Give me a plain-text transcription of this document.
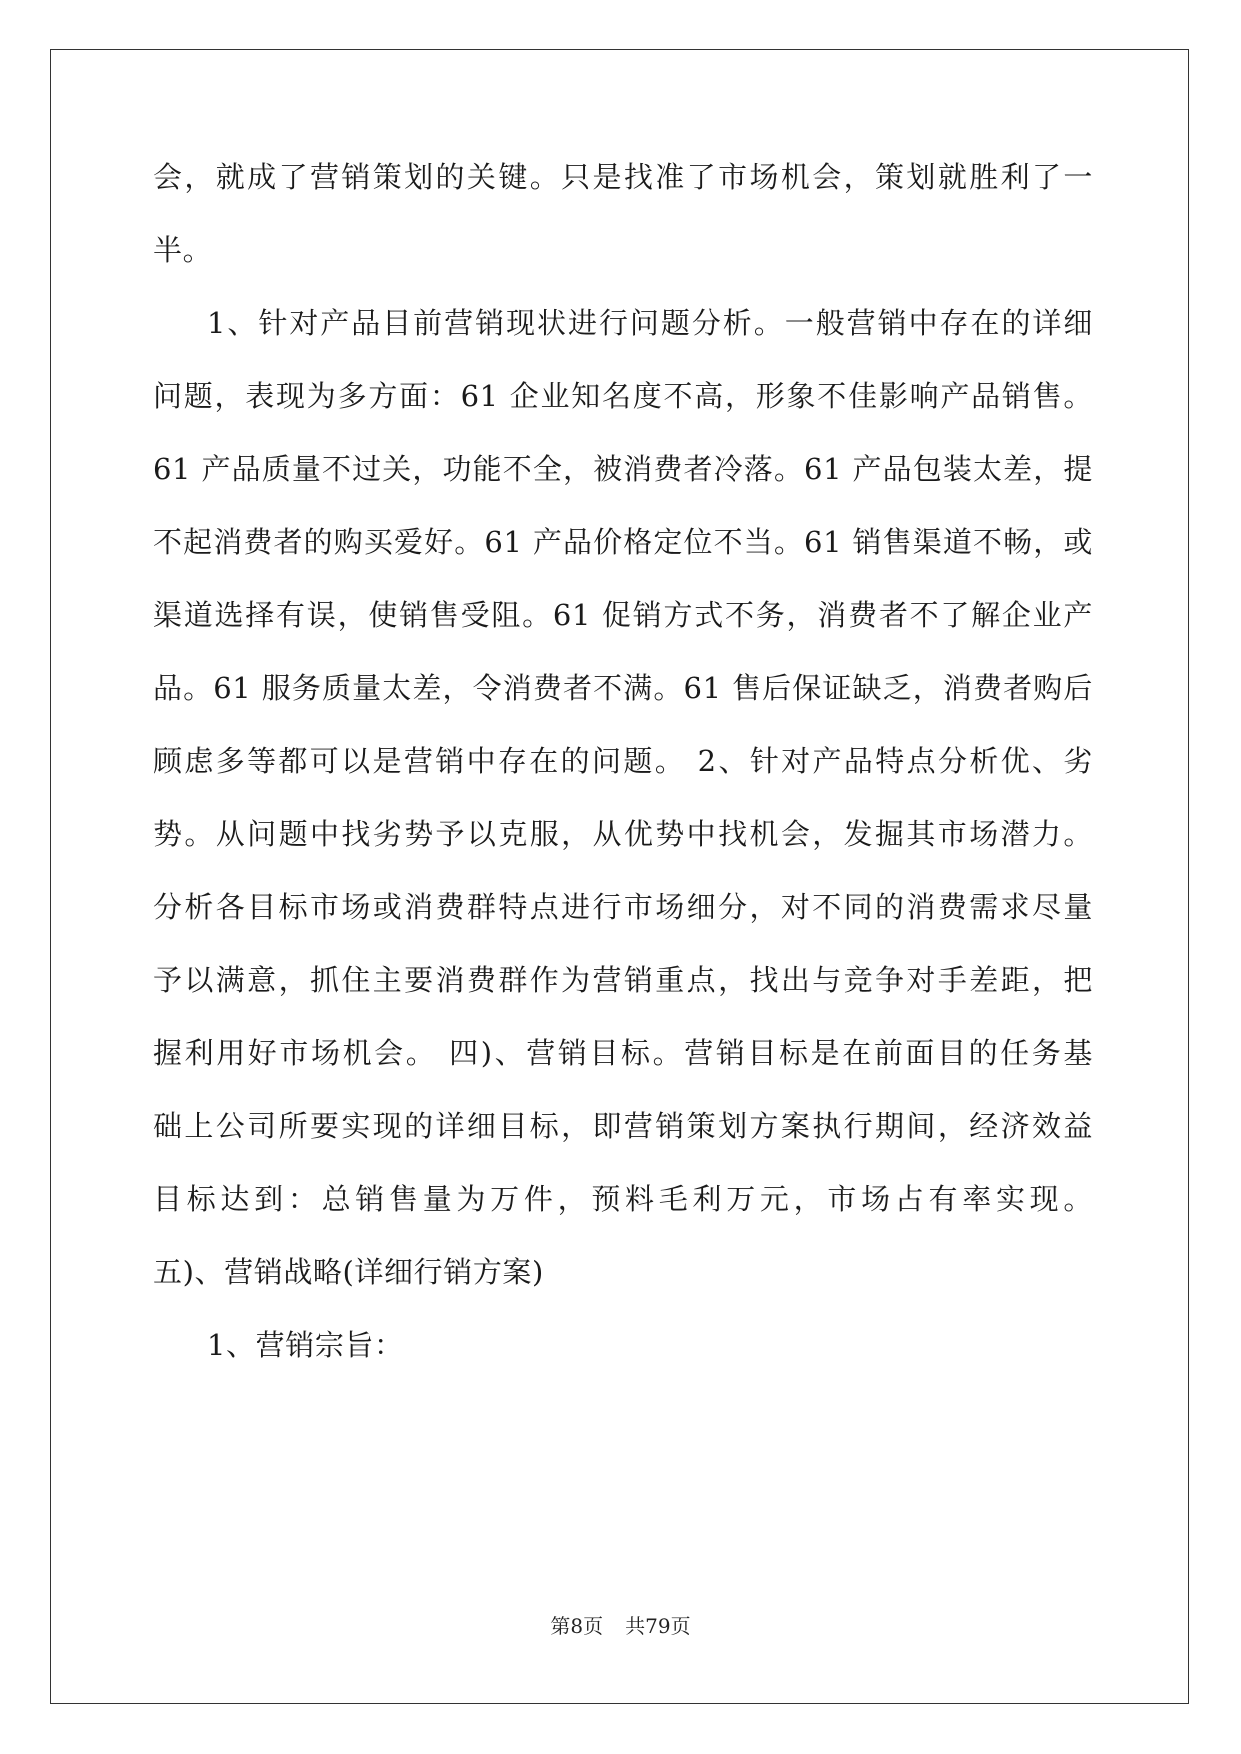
会，就成了营销策划的关键。只是找准了市场机会，策划就胜利了一
半。
1、针对产品目前营销现状进行问题分析。一般营销中存在的详细
问题，表现为多方面：61 企业知名度不高，形象不佳影响产品销售。
61 产品质量不过关，功能不全，被消费者冷落。61 产品包装太差，提
不起消费者的购买爱好。61 产品价格定位不当。61 销售渠道不畅，或
渠道选择有误，使销售受阻。61 促销方式不务，消费者不了解企业产
品。61 服务质量太差，令消费者不满。61 售后保证缺乏，消费者购后
顾虑多等都可以是营销中存在的问题。 2、针对产品特点分析优、劣
势。从问题中找劣势予以克服，从优势中找机会，发掘其市场潜力。
分析各目标市场或消费群特点进行市场细分，对不同的消费需求尽量
予以满意，抓住主要消费群作为营销重点，找出与竞争对手差距，把
握利用好市场机会。 四)、营销目标。营销目标是在前面目的任务基
础上公司所要实现的详细目标，即营销策划方案执行期间，经济效益
目标达到：总销售量为万件，预料毛利万元，市场占有率实现。
五)、营销战略(详细行销方案)
1、营销宗旨：
第8页 共79页
